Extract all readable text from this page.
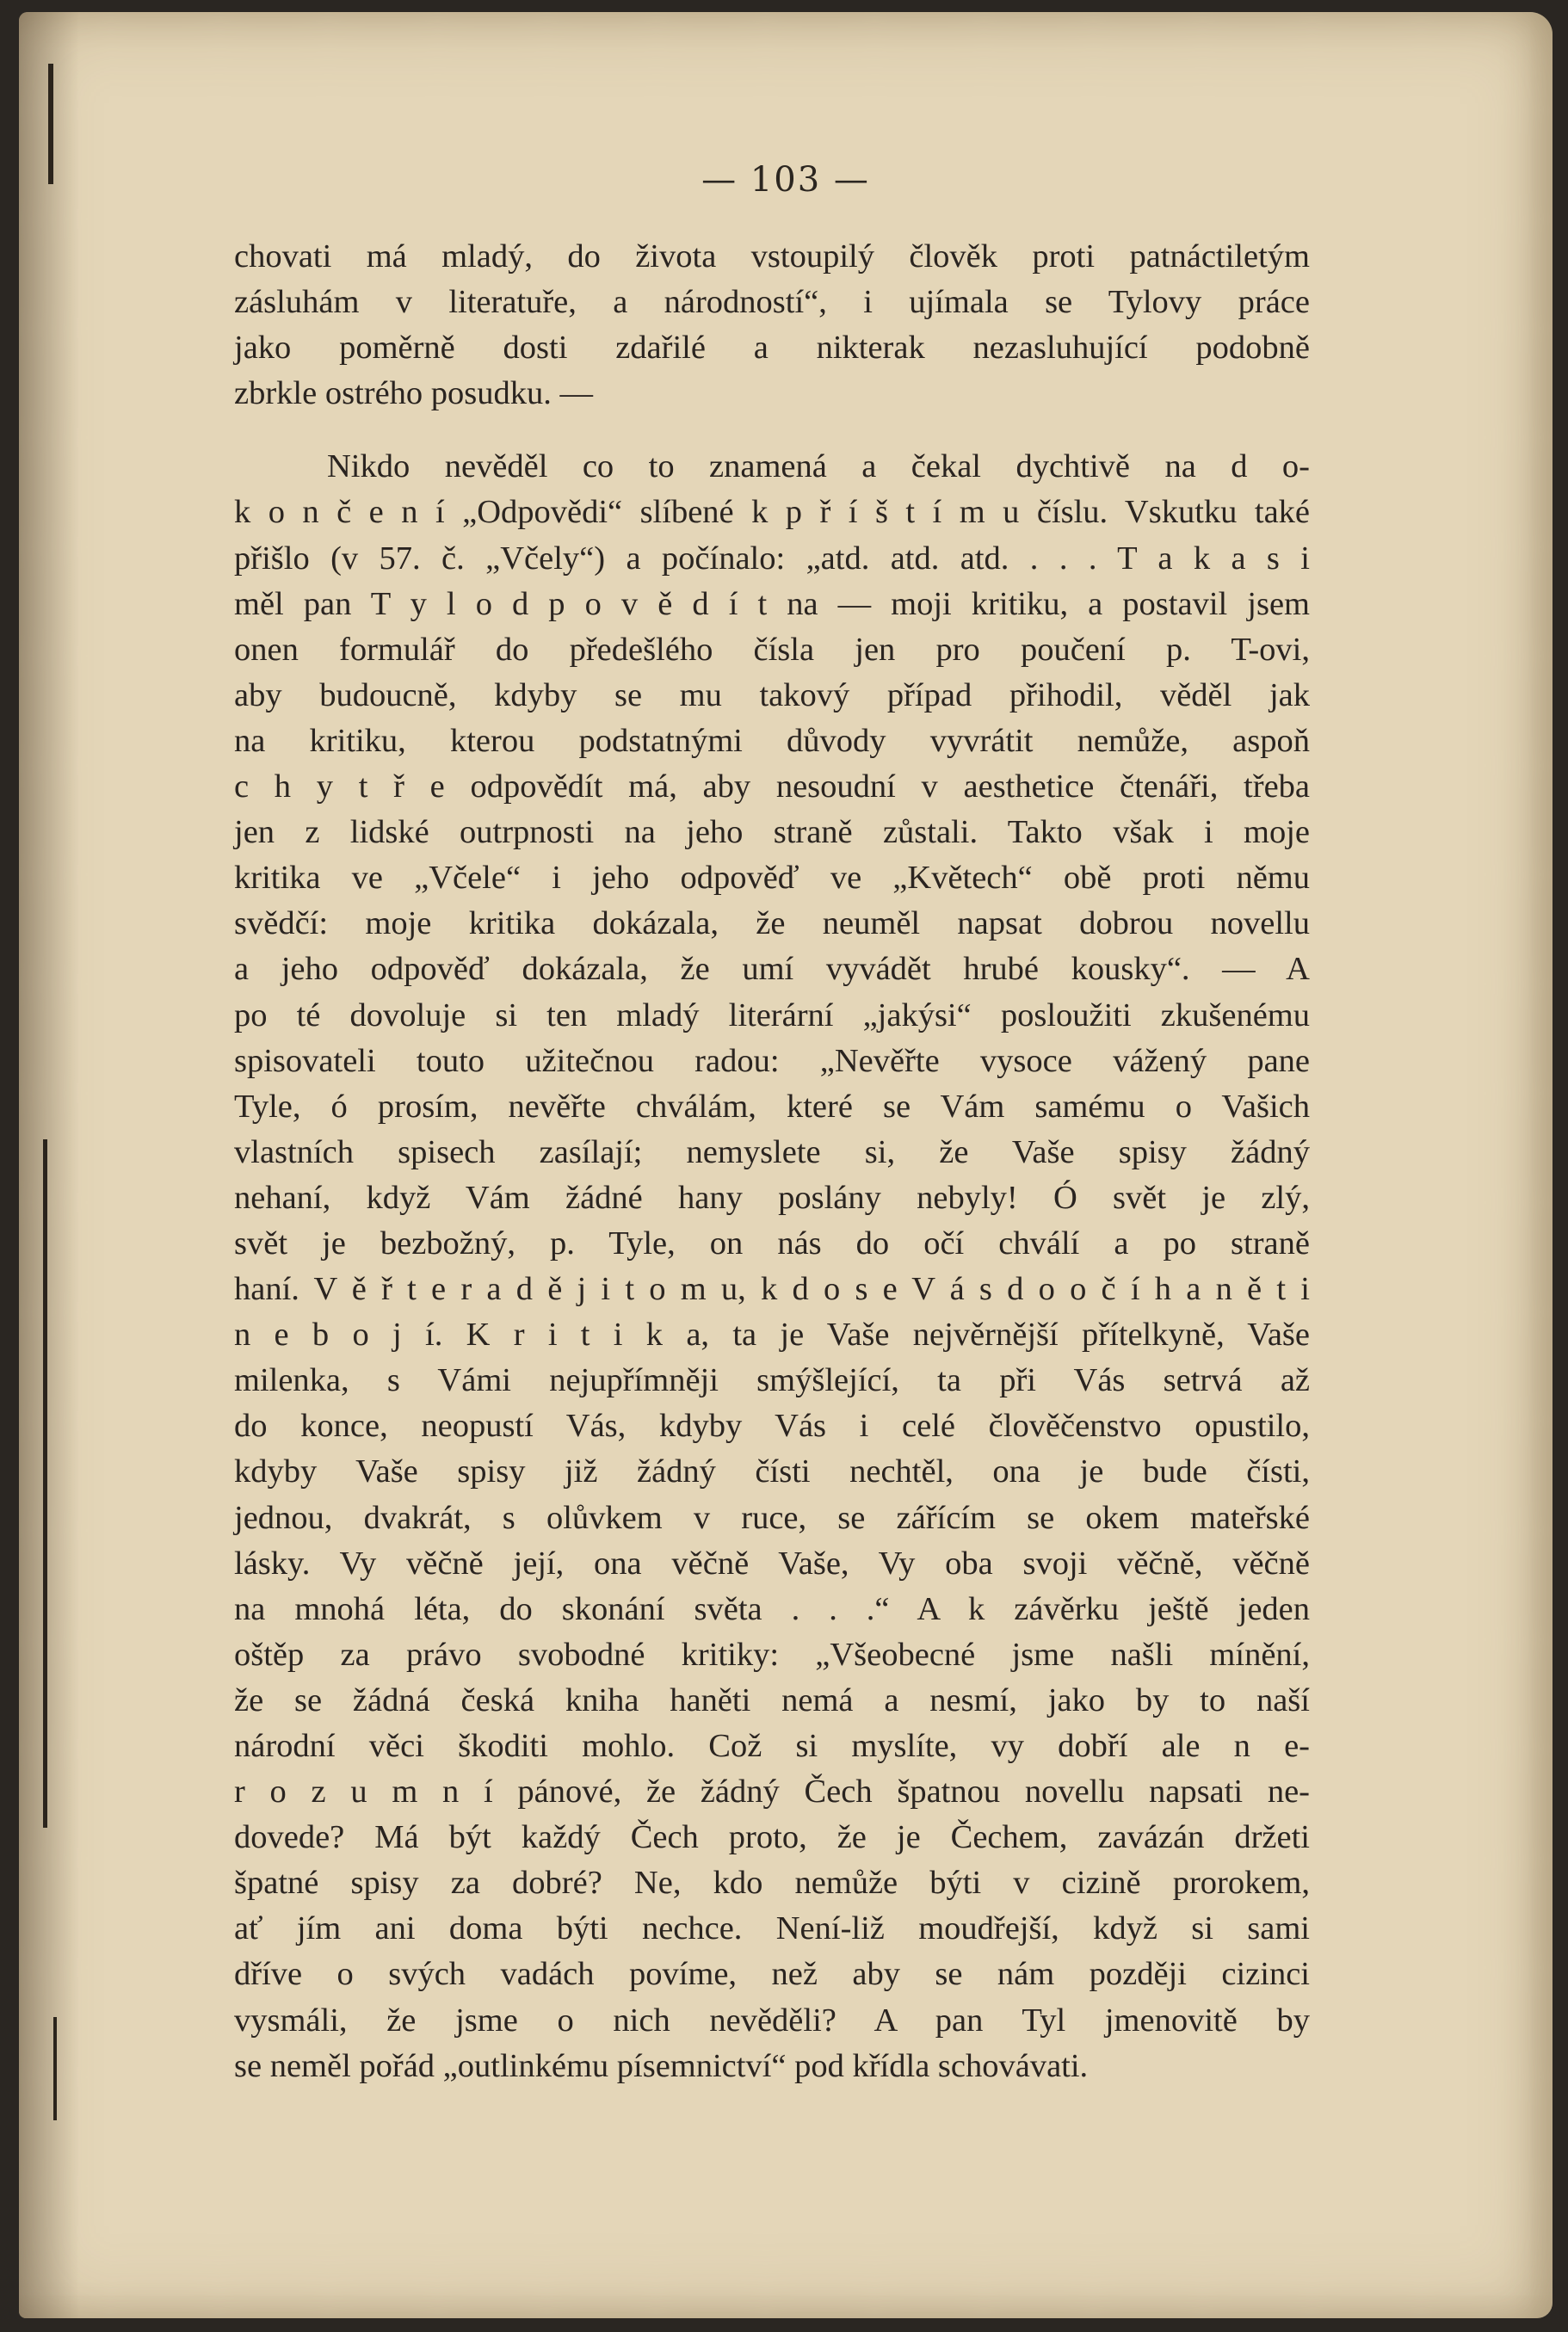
— 103 —
chovati má mladý, do života vstoupilý člověk proti patnáctiletým
zásluhám v literatuře, a národností“, i ujímala se Tylovy práce
jako poměrně dosti zdařilé a nikterak nezasluhující podobně
zbrkle ostrého posudku. —
Nikdo nevěděl co to znamená a čekal dychtivě na d o-
k o n č e n í „Odpovědi“ slíbené k p ř í š t í m u číslu. Vskutku také
přišlo (v 57. č. „Včely“) a počínalo: „atd. atd. atd. . . . T a k a s i
měl pan T y l o d p o v ě d í t na — moji kritiku, a postavil jsem
onen formulář do předešlého čísla jen pro poučení p. T-ovi,
aby budoucně, kdyby se mu takový případ přihodil, věděl jak
na kritiku, kterou podstatnými důvody vyvrátit nemůže, aspoň
c h y t ř e odpovědít má, aby nesoudní v aesthetice čtenáři, třeba
jen z lidské outrpnosti na jeho straně zůstali. Takto však i moje
kritika ve „Včele“ i jeho odpověď ve „Květech“ obě proti němu
svědčí: moje kritika dokázala, že neuměl napsat dobrou novellu
a jeho odpověď dokázala, že umí vyvádět hrubé kousky“. — A
po té dovoluje si ten mladý literární „jakýsi“ posloužiti zkušenému
spisovateli touto užitečnou radou: „Nevěřte vysoce vážený pane
Tyle, ó prosím, nevěřte chválám, které se Vám samému o Vašich
vlastních spisech zasílají; nemyslete si, že Vaše spisy žádný
nehaní, když Vám žádné hany poslány nebyly! Ó svět je zlý,
svět je bezbožný, p. Tyle, on nás do očí chválí a po straně
haní. V ě ř t e r a d ě j i t o m u, k d o s e V á s d o o č í h a n ě t i
n e b o j í. K r i t i k a, ta je Vaše nejvěrnější přítelkyně, Vaše
milenka, s Vámi nejupřímněji smýšlející, ta při Vás setrvá až
do konce, neopustí Vás, kdyby Vás i celé člověčenstvo opustilo,
kdyby Vaše spisy již žádný čísti nechtěl, ona je bude čísti,
jednou, dvakrát, s olůvkem v ruce, se zářícím se okem mateřské
lásky. Vy věčně její, ona věčně Vaše, Vy oba svoji věčně, věčně
na mnohá léta, do skonání světa . . .“ A k závěrku ještě jeden
oštěp za právo svobodné kritiky: „Všeobecné jsme našli mínění,
že se žádná česká kniha haněti nemá a nesmí, jako by to naší
národní věci škoditi mohlo. Což si myslíte, vy dobří ale n e-
r o z u m n í pánové, že žádný Čech špatnou novellu napsati ne-
dovede? Má být každý Čech proto, že je Čechem, zavázán držeti
špatné spisy za dobré? Ne, kdo nemůže býti v cizině prorokem,
ať jím ani doma býti nechce. Není-liž moudřejší, když si sami
dříve o svých vadách povíme, než aby se nám později cizinci
vysmáli, že jsme o nich nevěděli? A pan Tyl jmenovitě by
se neměl pořád „outlinkému písemnictví“ pod křídla schovávati.
